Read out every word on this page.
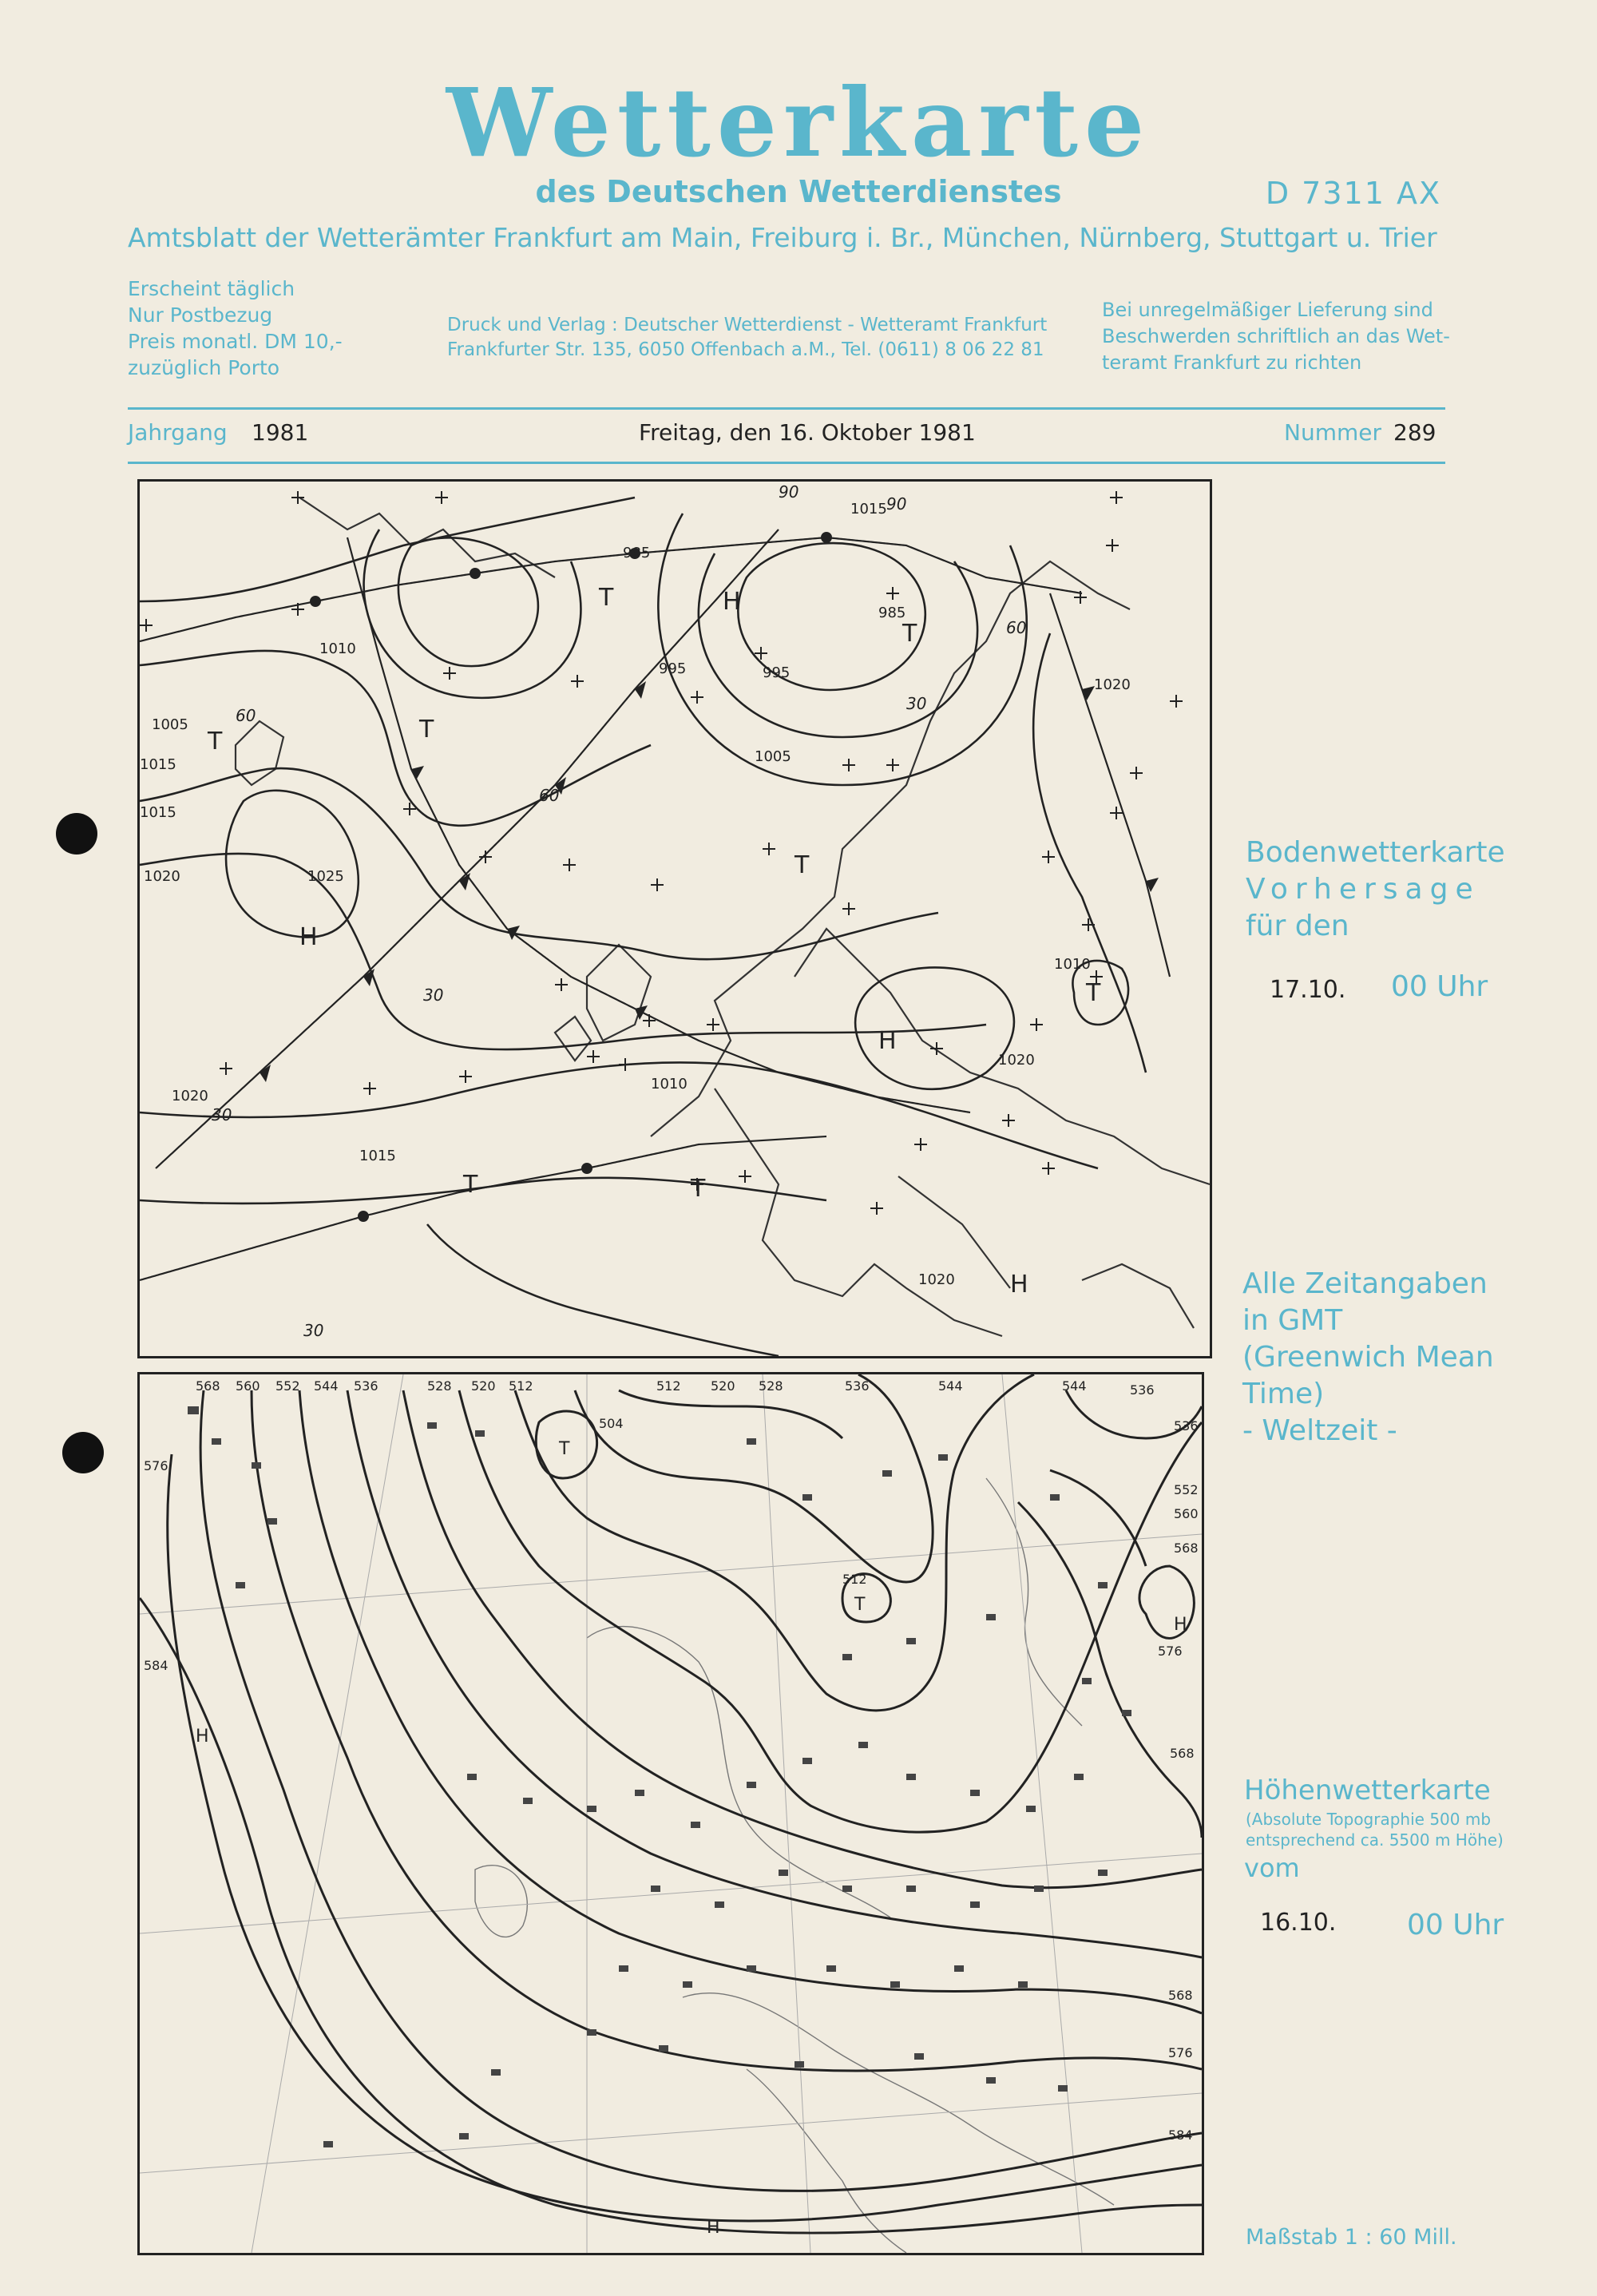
Wetterkarte
des Deutschen Wetterdienstes	D 7311 AX
Amtsblatt der Wetterämter Frankfurt am Main, Freiburg i. Br., München, Nürnberg, Stuttgart u. Trier
Erscheint täglich
Nur Postbezug
Preis monatl. DM 10,-
zuzüglich Porto
Druck und Verlag : Deutscher Wetterdienst - Wetteramt Frankfurt
Frankfurter Str. 135, 6050 Offenbach a.M., Tel. (0611) 8 06 22 81
Bei unregelmäßiger Lieferung sind
Beschwerden schriftlich an das Wet-
teramt Frankfurt zu richten
Jahrgang 1981	Freitag, den 16. Oktober 1981	Nummer 289
985
995	995
985
1005
1010
1015
1005
1015
1020	1025
1010
1020
1010
1020
1015
1020
1020
1015
H
H
H
H
T
T
T
T
T
T
T	T
60
30
30
90
90
60
60
30
30
568 560 552 544 536	528 520 512	512 520 528	536	544	544	536
536
552
560
568
576
568
568
576
584
576
584
504
512
T
T
H
H
H
Bodenwetterkarte
Vorhersage
für den
17.10. 00 Uhr
Alle Zeitangaben
in GMT
(Greenwich Mean
Time)
- Weltzeit -
Höhenwetterkarte
(Absolute Topographie 500 mb
entsprechend ca. 5500 m Höhe)
vom
16.10. 00 Uhr
Maßstab 1 : 60 Mill.
